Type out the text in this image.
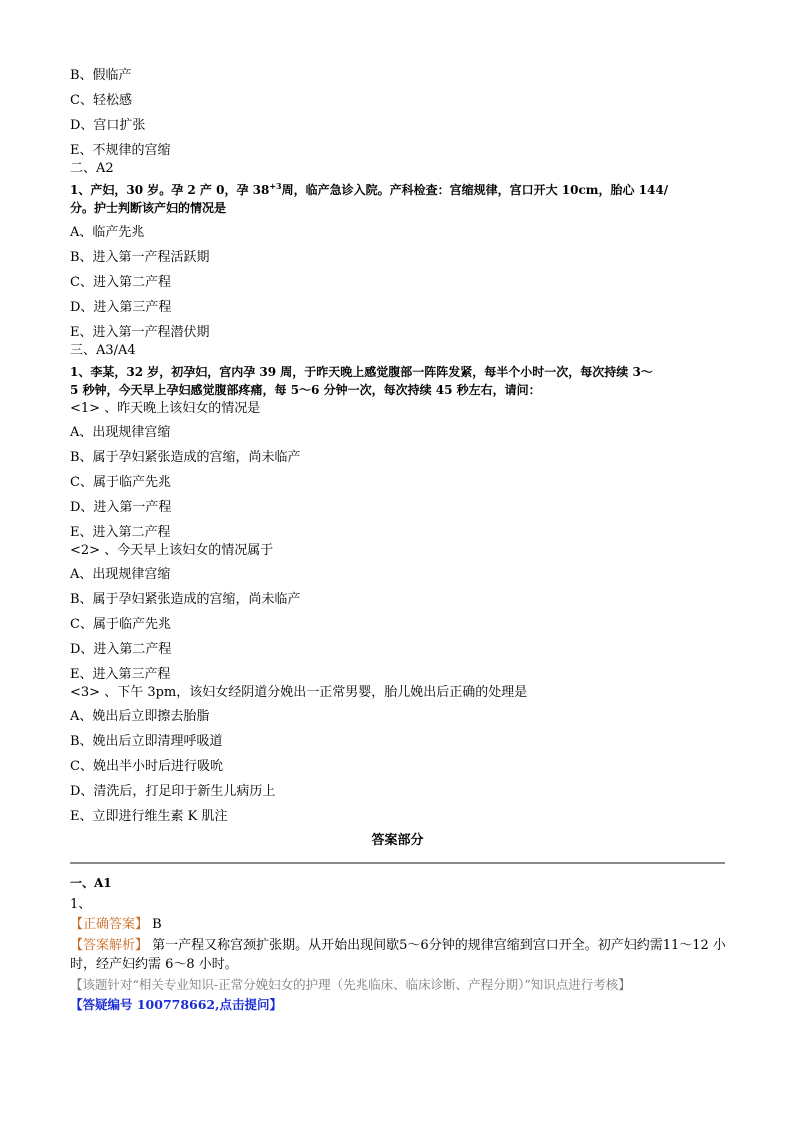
B、假临产

C、轻松感

D、宫口扩张

E、不规律的宫缩

二、A2

1、产妇，30 岁。孕 2 产 0，孕 $38^{+3}$周，临产急诊入院。产科检查：宫缩规律，宫口开大 10cm，胎心 144/
分。护士判断该产妇的情况是

A、临产先兆

B、进入第一产程活跃期

C、进入第二产程

D、进入第三产程

E、进入第一产程潜伏期

三、A3/A4

1、李某，32 岁，初孕妇，宫内孕 39 周，于昨天晚上感觉腹部一阵阵发紧，每半个小时一次，每次持续 3～
5 秒钟，今天早上孕妇感觉腹部疼痛，每 5～6 分钟一次，每次持续 45 秒左右，请问：

<1> 、昨天晚上该妇女的情况是

A、出现规律宫缩

B、属于孕妇紧张造成的宫缩，尚未临产

C、属于临产先兆

D、进入第一产程

E、进入第二产程

<2> 、今天早上该妇女的情况属于

A、出现规律宫缩

B、属于孕妇紧张造成的宫缩，尚未临产

C、属于临产先兆

D、进入第二产程

E、进入第三产程

<3> 、下午 3pm，该妇女经阴道分娩出一正常男婴，胎儿娩出后正确的处理是

A、娩出后立即擦去胎脂

B、娩出后立即清理呼吸道

C、娩出半小时后进行吸吮

D、清洗后，打足印于新生儿病历上

E、立即进行维生素 K 肌注

答案部分
一、A1

1、

【正确答案】 B

【答案解析】 第一产程又称宫颈扩张期。从开始出现间歇5～6分钟的规律宫缩到宫口开全。初产妇约需11～12 小时，经产妇约需 6～8 小时。

【该题针对“相关专业知识-正常分娩妇女的护理（先兆临床、临床诊断、产程分期）”知识点进行考核】

【答疑编号 100778662,点击提问】
